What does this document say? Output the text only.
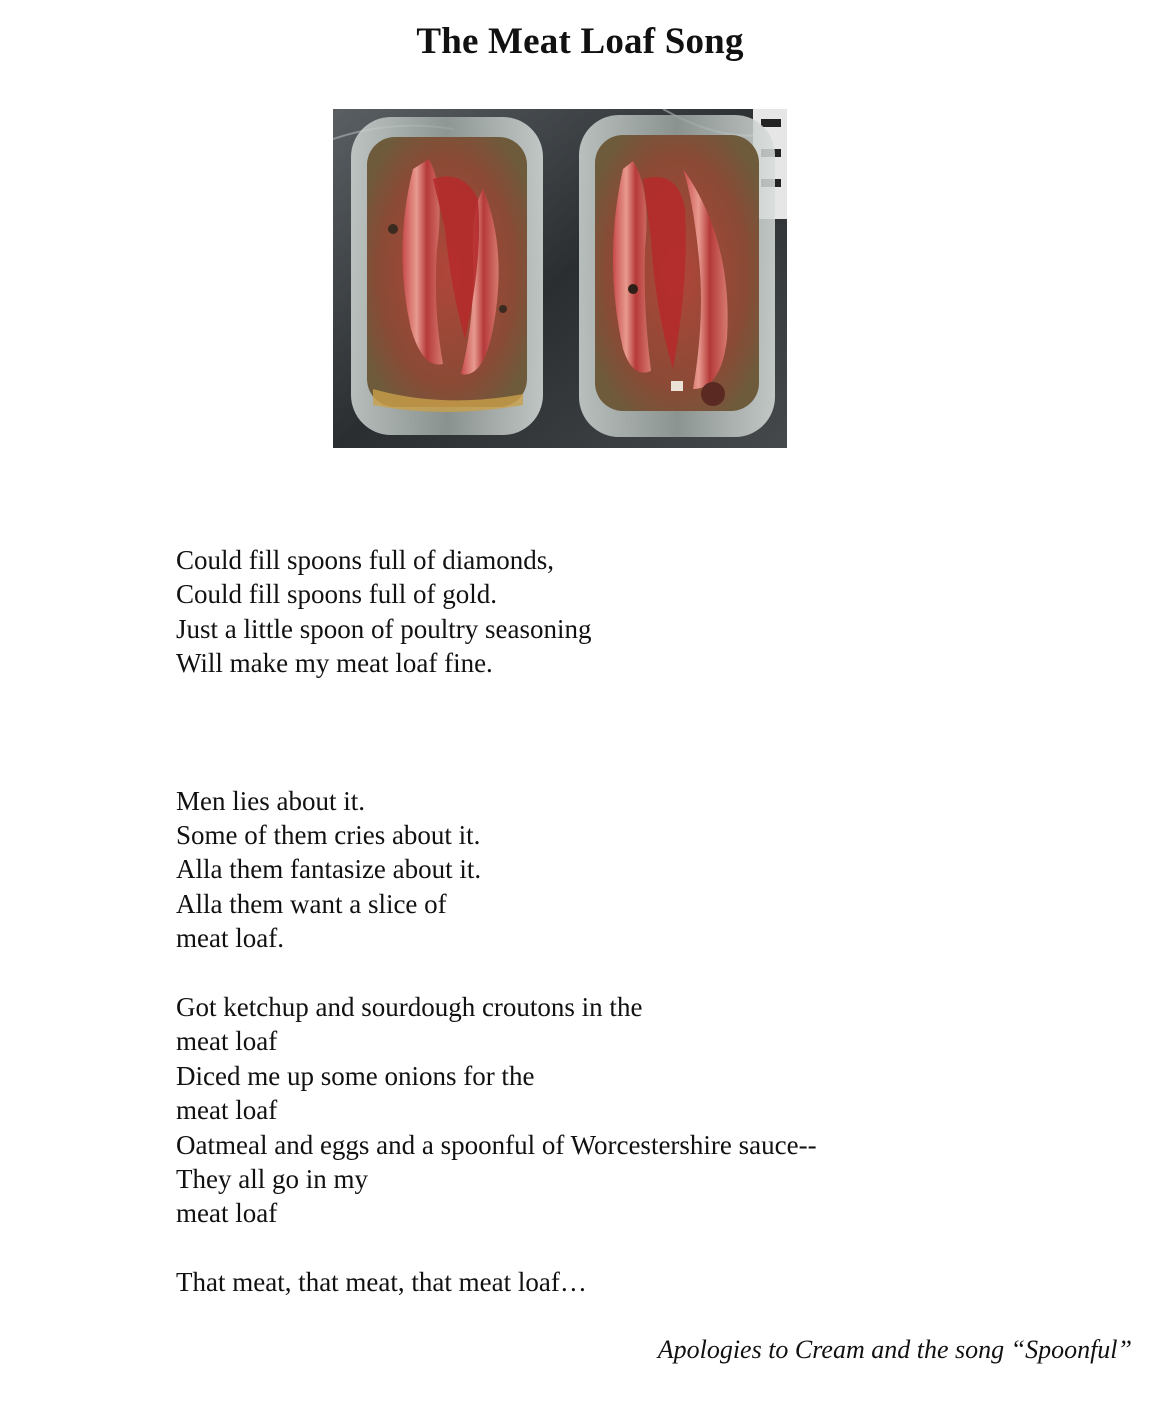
The Meat Loaf Song
Could fill spoons full of diamonds,
Could fill spoons full of gold.
Just a little spoon of poultry seasoning
Will make my meat loaf fine.
Men lies about it.
Some of them cries about it.
Alla them fantasize about it.
Alla them want a slice of
meat loaf.
Got ketchup and sourdough croutons in the
meat loaf
Diced me up some onions for the
meat loaf
Oatmeal and eggs and a spoonful of Worcestershire sauce--
They all go in my
meat loaf
That meat, that meat, that meat loaf…
Apologies to Cream and the song “Spoonful”
